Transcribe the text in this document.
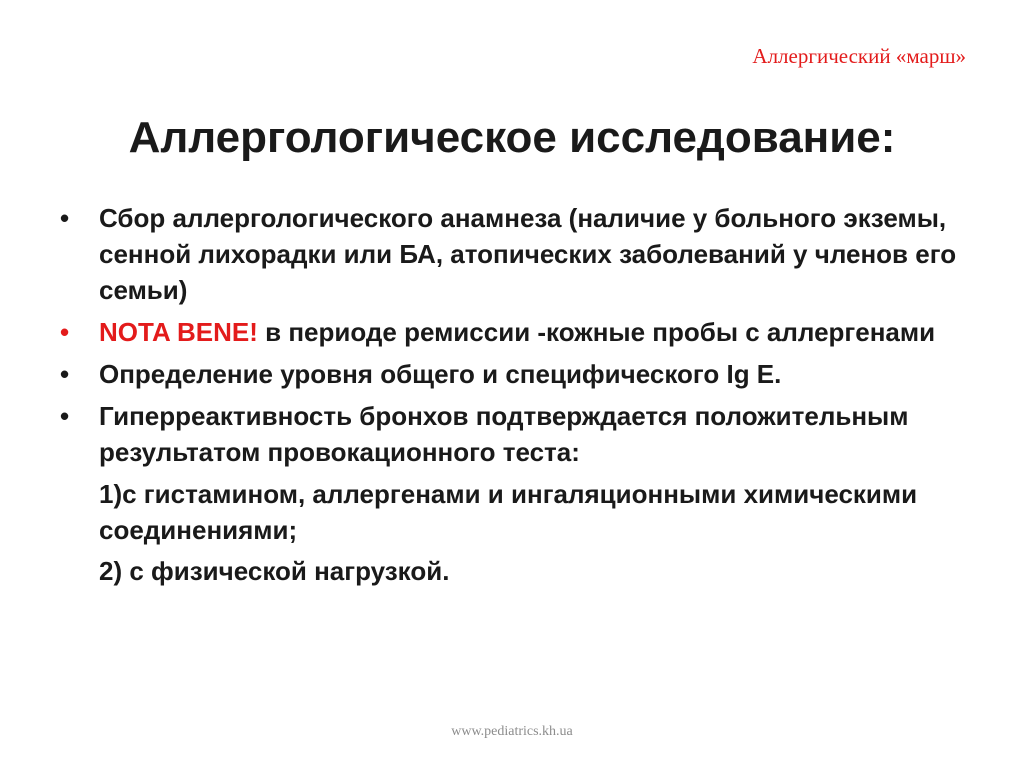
Аллергический «марш»
Аллергологическое исследование:
•	Сбор аллергологического анамнеза (наличие у больного экземы, сенной лихорадки или БА, атопических заболеваний у членов его семьи)
•	NOTA BENE! в периоде ремиссии -кожные пробы с аллергенами
•	Определение уровня общего и специфического Ig E.
•	Гиперреактивность бронхов подтверждается положительным результатом провокационного теста:
1)с гистамином, аллергенами и ингаляционными химическими соединениями;
2) с физической нагрузкой.
www.pediatrics.kh.ua
